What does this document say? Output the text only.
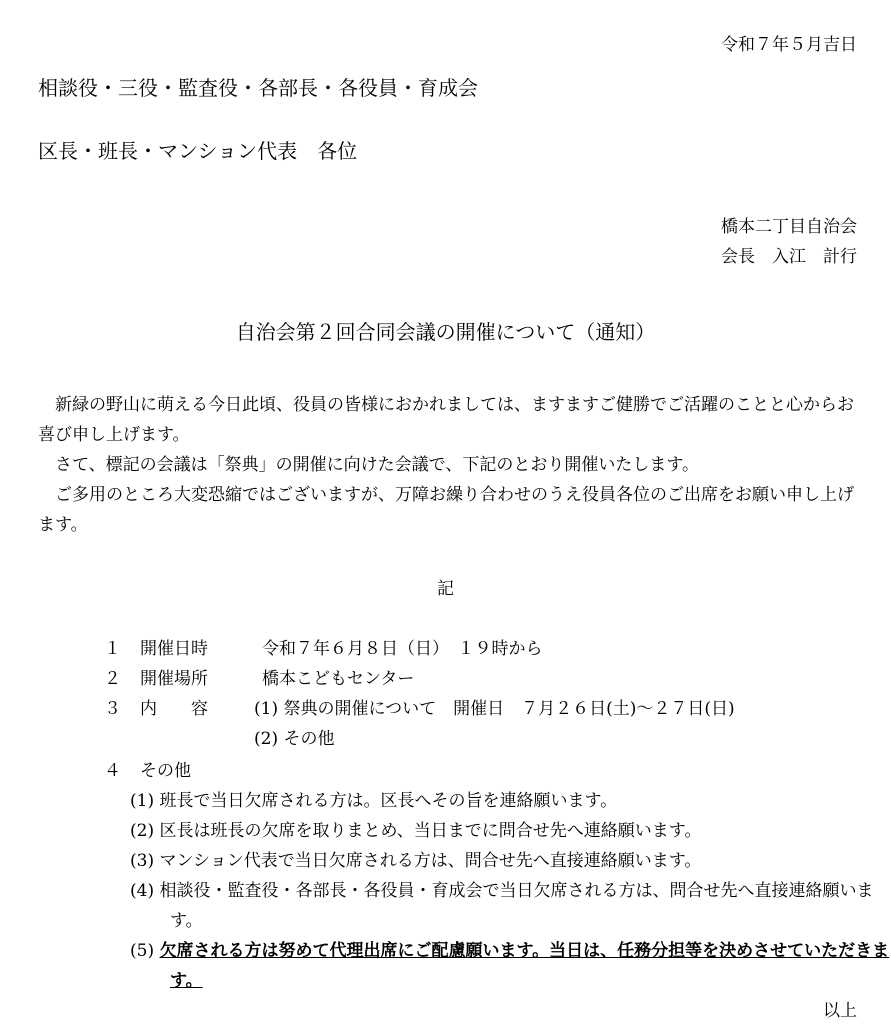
令和７年５月吉日
相談役・三役・監査役・各部長・各役員・育成会
区長・班長・マンション代表　各位
橋本二丁目自治会
会長　入江　計行
自治会第２回合同会議の開催について（通知）
新緑の野山に萌える今日此頃、役員の皆様におかれましては、ますますご健勝でご活躍のことと心からお喜び申し上げます。
さて、標記の会議は「祭典」の開催に向けた会議で、下記のとおり開催いたします。
ご多用のところ大変恐縮ではございますが、万障お繰り合わせのうえ役員各位のご出席をお願い申し上げます。
記
１ 開催日時	令和７年６月８日（日）　１９時から
２ 開催場所	橋本こどもセンター
３ 内　　容	(1) 祭典の開催について　開催日　７月２６日(土)～２７日(日)
(2) その他
４ その他
(1) 班長で当日欠席される方は。区長へその旨を連絡願います。
(2) 区長は班長の欠席を取りまとめ、当日までに問合せ先へ連絡願います。
(3) マンション代表で当日欠席される方は、問合せ先へ直接連絡願います。
(4) 相談役・監査役・各部長・各役員・育成会で当日欠席される方は、問合せ先へ直接連絡願います。
(5) 欠席される方は努めて代理出席にご配慮願います。当日は、任務分担等を決めさせていただきます。
以上
